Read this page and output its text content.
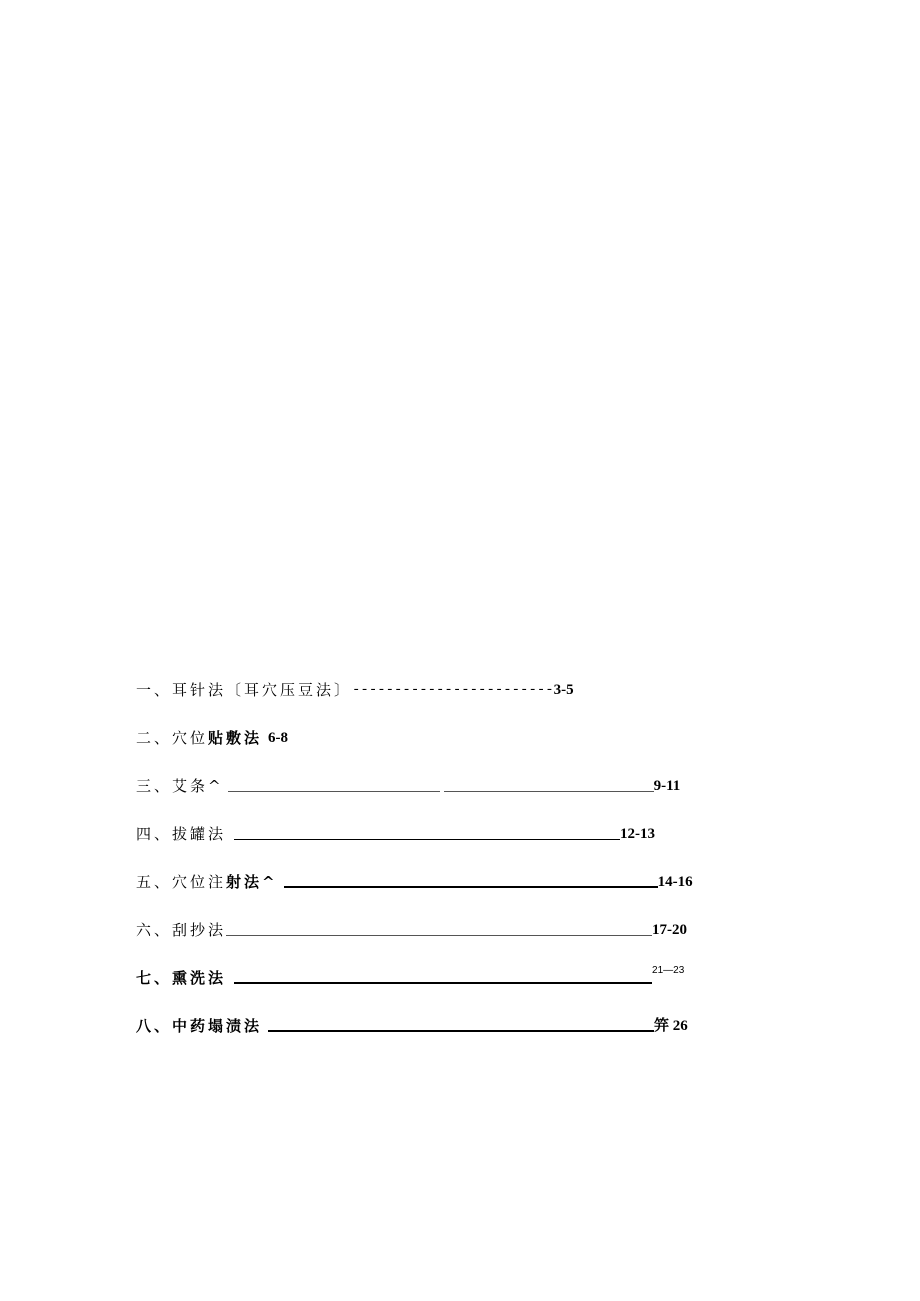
一、耳针法〔耳穴压豆法〕 ------------------------ 3-5
二、穴位贴敷法 6-8
三、艾条^	9-11
四、拔罐法	12-13
五、穴位注射法^	14-16
六、刮抄法	17-20
七、熏洗法	21—23
八、中药塌渍法	笄 26
